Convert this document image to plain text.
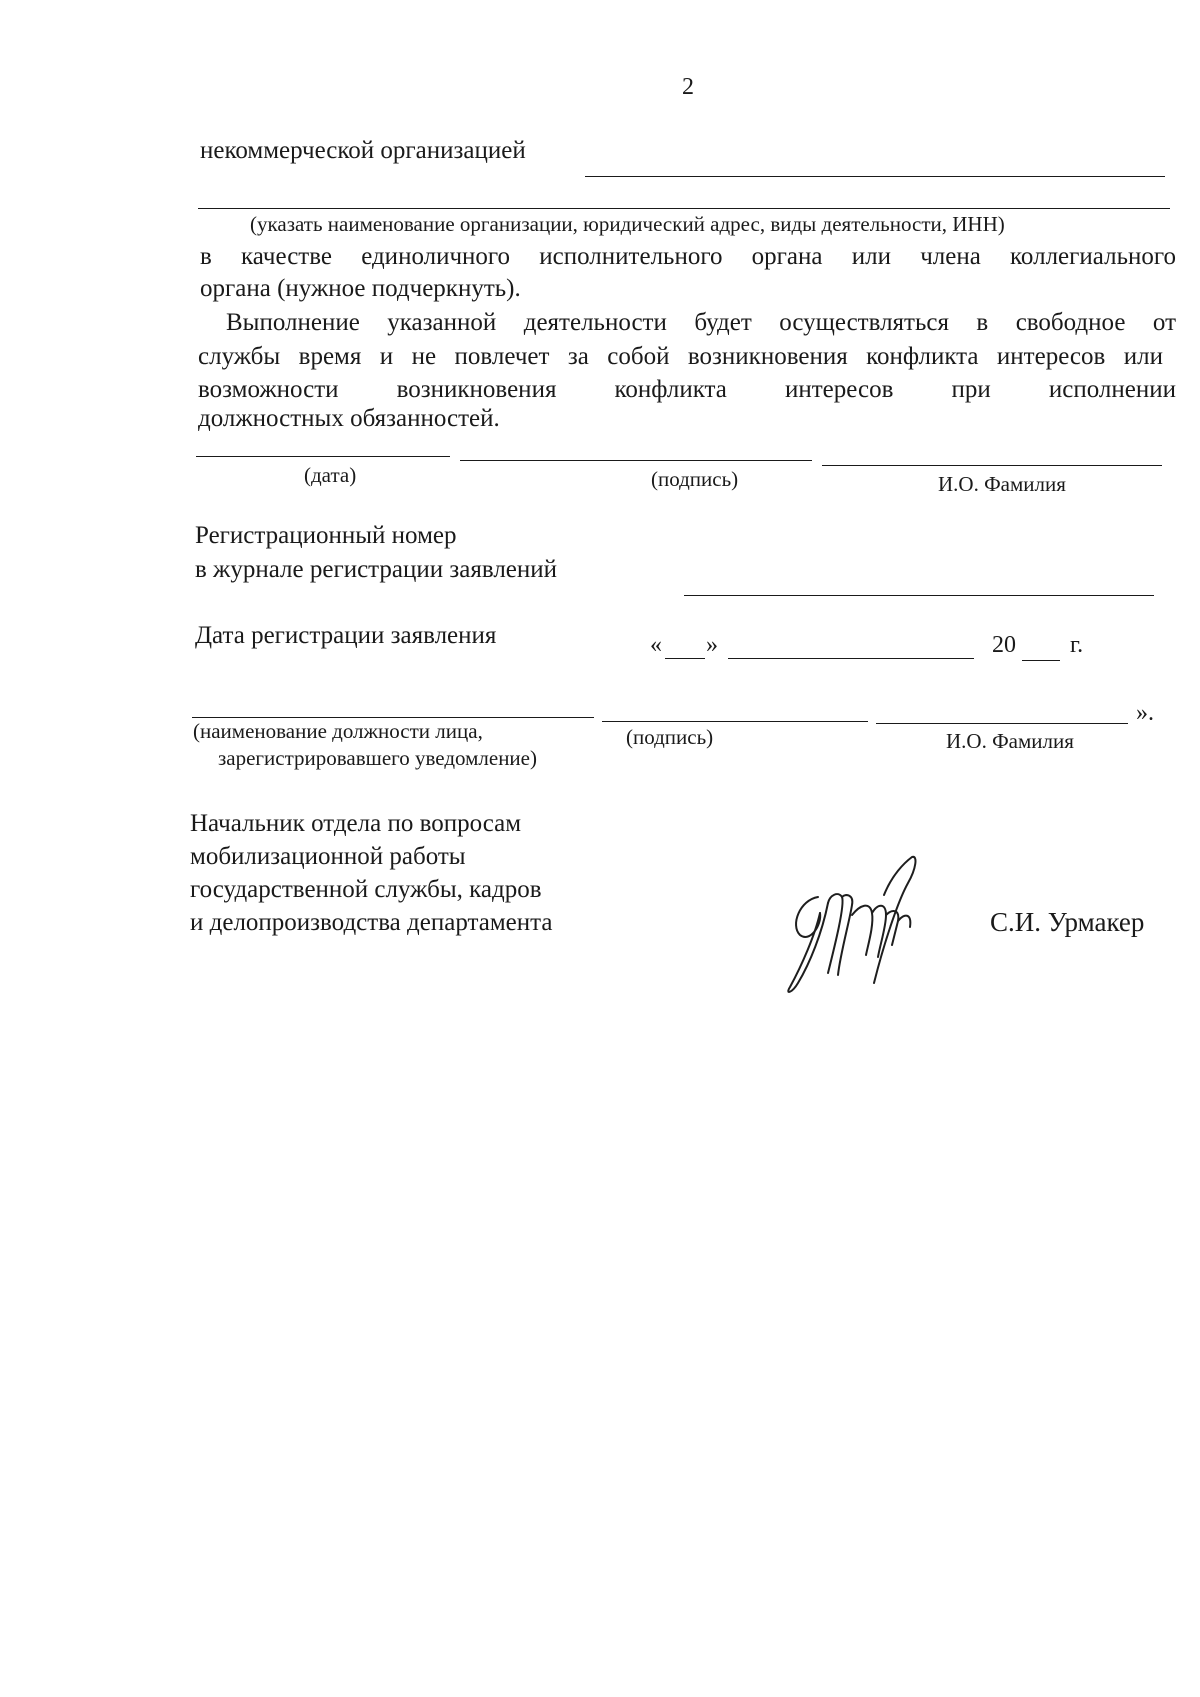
2
некоммерческой организацией
(указать наименование организации, юридический адрес, виды деятельности, ИНН)
в качестве единоличного исполнительного органа или члена коллегиального
органа (нужное подчеркнуть).
Выполнение указанной деятельности будет осуществляться в свободное от
службы время и не повлечет за собой возникновения конфликта интересов или
возможности возникновения конфликта интересов при исполнении
должностных обязанностей.
(дата)	(подпись)	И.О. Фамилия
Регистрационный номер
в журнале регистрации заявлений
Дата регистрации заявления	« »	20 г.
».
(наименование должности лица,
зарегистрировавшего уведомление)
(подпись)	И.О. Фамилия
Начальник отдела по вопросам
мобилизационной работы
государственной службы, кадров
и делопроизводства департамента	С.И. Урмакер
